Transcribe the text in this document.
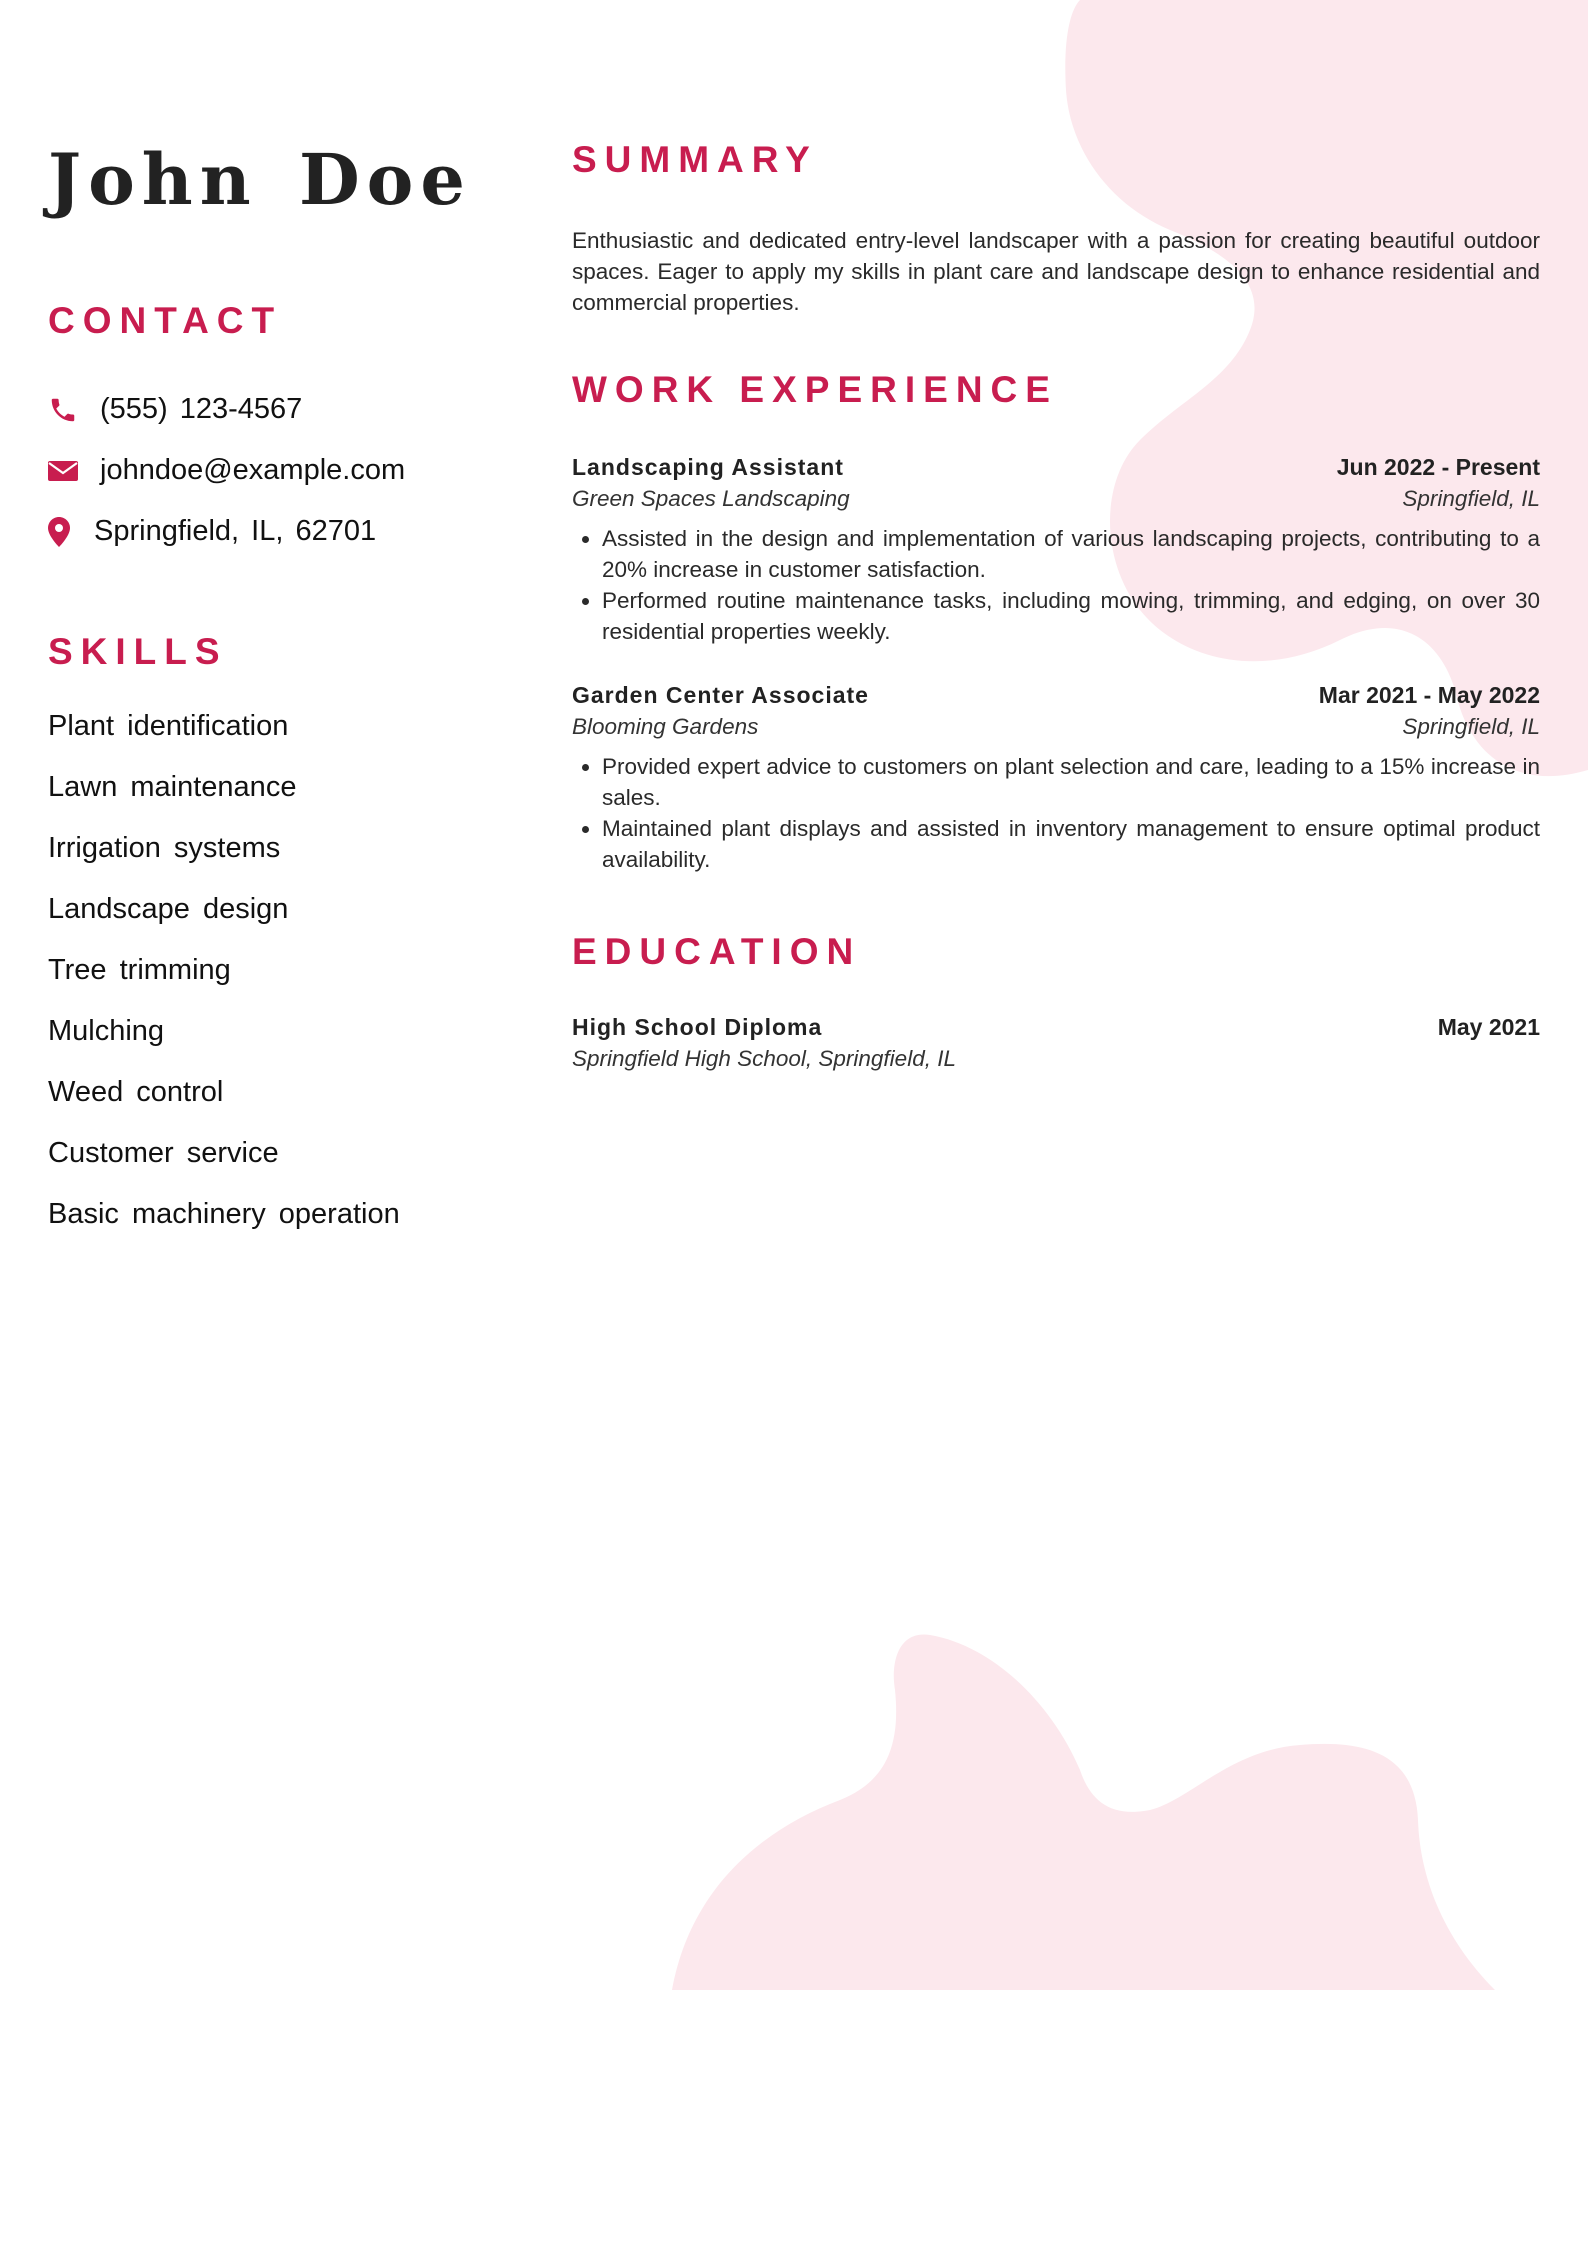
John Doe
CONTACT
(555) 123-4567
johndoe@example.com
Springfield, IL, 62701
SKILLS
Plant identification
Lawn maintenance
Irrigation systems
Landscape design
Tree trimming
Mulching
Weed control
Customer service
Basic machinery operation
SUMMARY

Enthusiastic and dedicated entry-level landscaper with a passion for creating beautiful outdoor spaces. Eager to apply my skills in plant care and landscape design to enhance residential and commercial properties.

WORK EXPERIENCE
Landscaping Assistant	Jun 2022 - Present
Green Spaces Landscaping	Springfield, IL
• Assisted in the design and implementation of various landscaping projects, contributing to a 20% increase in customer satisfaction.
• Performed routine maintenance tasks, including mowing, trimming, and edging, on over 30 residential properties weekly.
Garden Center Associate	Mar 2021 - May 2022
Blooming Gardens	Springfield, IL
• Provided expert advice to customers on plant selection and care, leading to a 15% increase in sales.
• Maintained plant displays and assisted in inventory management to ensure optimal product availability.
EDUCATION
High School Diploma	May 2021
Springfield High School, Springfield, IL
